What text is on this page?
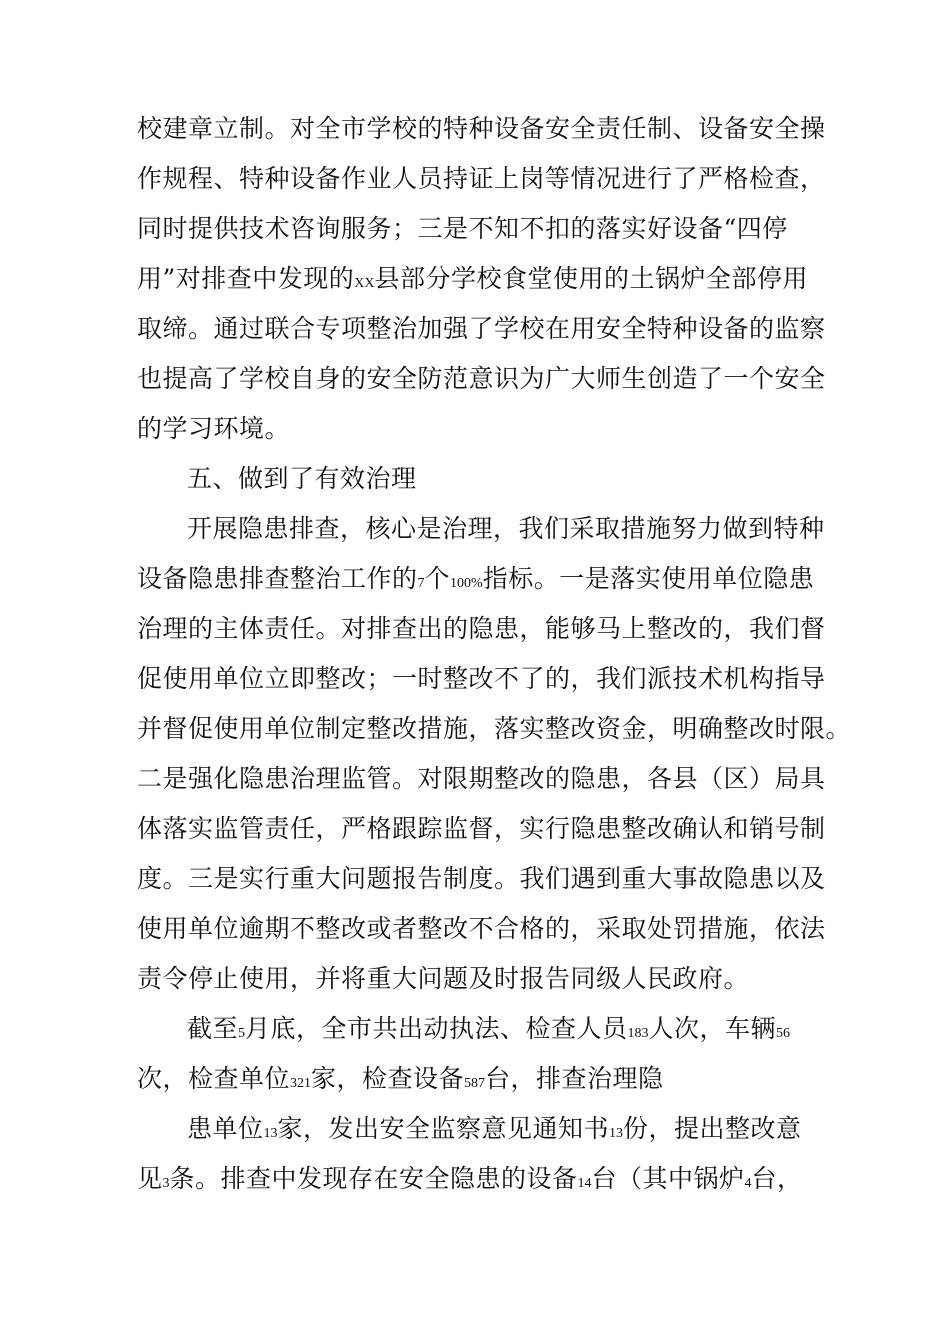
校建章立制。对全市学校的特种设备安全责任制、设备安全操
作规程、特种设备作业人员持证上岗等情况进行了严格检查，
同时提供技术咨询服务；三是不知不扣的落实好设备“四停
用”对排查中发现的XX县部分学校食堂使用的土锅炉全部停用
取缔。通过联合专项整治加强了学校在用安全特种设备的监察
也提高了学校自身的安全防范意识为广大师生创造了一个安全
的学习环境。
五、做到了有效治理
开展隐患排查，核心是治理，我们采取措施努力做到特种
设备隐患排查整治工作的7个100%指标。一是落实使用单位隐患
治理的主体责任。对排查出的隐患，能够马上整改的，我们督
促使用单位立即整改；一时整改不了的，我们派技术机构指导
并督促使用单位制定整改措施，落实整改资金，明确整改时限。
二是强化隐患治理监管。对限期整改的隐患，各县（区）局具
体落实监管责任，严格跟踪监督，实行隐患整改确认和销号制
度。三是实行重大问题报告制度。我们遇到重大事故隐患以及
使用单位逾期不整改或者整改不合格的，采取处罚措施，依法
责令停止使用，并将重大问题及时报告同级人民政府。
截至5月底，全市共出动执法、检查人员183人次，车辆56
次，检查单位321家，检查设备587台，排查治理隐
患单位13家，发出安全监察意见通知书13份，提出整改意
见3条。排查中发现存在安全隐患的设备14台（其中锅炉4台，
